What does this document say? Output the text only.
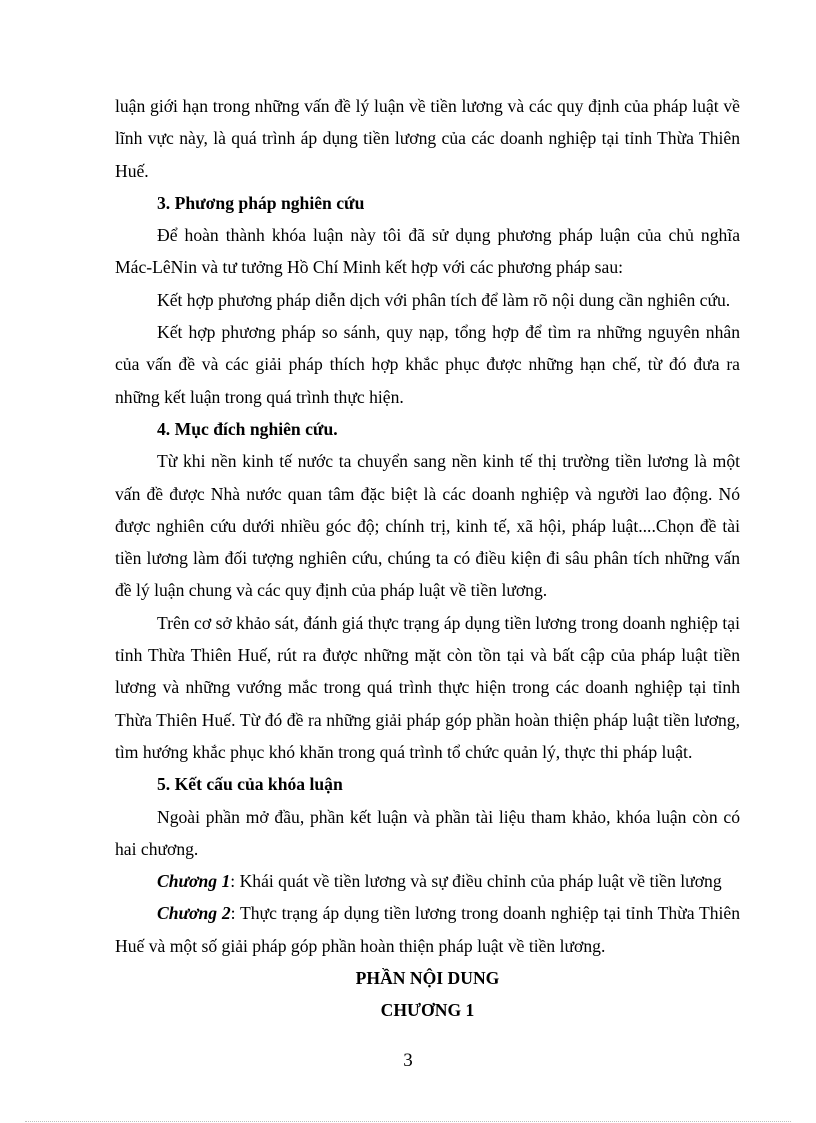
luận giới hạn trong những vấn đề lý luận về tiền lương và các quy định của pháp luật về lĩnh vực này, là quá trình áp dụng tiền lương của các doanh nghiệp tại tỉnh Thừa Thiên Huế.

3. Phương pháp nghiên cứu

Để hoàn thành khóa luận này tôi đã sử dụng phương pháp luận của chủ nghĩa Mác-LêNin và tư tưởng Hồ Chí Minh kết hợp với các phương pháp sau:

Kết hợp phương pháp diễn dịch với phân tích để làm rõ nội dung cần nghiên cứu.

Kết hợp phương pháp so sánh, quy nạp, tổng hợp để tìm ra những nguyên nhân của vấn đề và các giải pháp thích hợp khắc phục được những hạn chế, từ đó đưa ra những kết luận trong quá trình thực hiện.

4. Mục đích nghiên cứu.

Từ khi nền kinh tế nước ta chuyển sang nền kinh tế thị trường tiền lương là một vấn đề được Nhà nước quan tâm đặc biệt là các doanh nghiệp và người lao động. Nó được nghiên cứu dưới nhiều góc độ; chính trị, kinh tế, xã hội, pháp luật....Chọn đề tài tiền lương làm đối tượng nghiên cứu, chúng ta có điều kiện đi sâu phân tích những vấn đề lý luận chung và các quy định của pháp luật về tiền lương.

Trên cơ sở khảo sát, đánh giá thực trạng áp dụng tiền lương trong doanh nghiệp tại tỉnh Thừa Thiên Huế, rút ra được những mặt còn tồn tại và bất cập của pháp luật tiền lương và những vướng mắc trong quá trình thực hiện trong các doanh nghiệp tại tỉnh Thừa Thiên Huế. Từ đó đề ra những giải pháp góp phần hoàn thiện pháp luật tiền lương, tìm hướng khắc phục khó khăn trong quá trình tổ chức quản lý, thực thi pháp luật.

5. Kết cấu của khóa luận

Ngoài phần mở đầu, phần kết luận và phần tài liệu tham khảo, khóa luận còn có hai chương.

Chương 1: Khái quát về tiền lương và sự điều chỉnh của pháp luật về tiền lương

Chương 2: Thực trạng áp dụng tiền lương trong doanh nghiệp tại tỉnh Thừa Thiên Huế và một số giải pháp góp phần hoàn thiện pháp luật về tiền lương.

PHẦN NỘI DUNG

CHƯƠNG 1

3
